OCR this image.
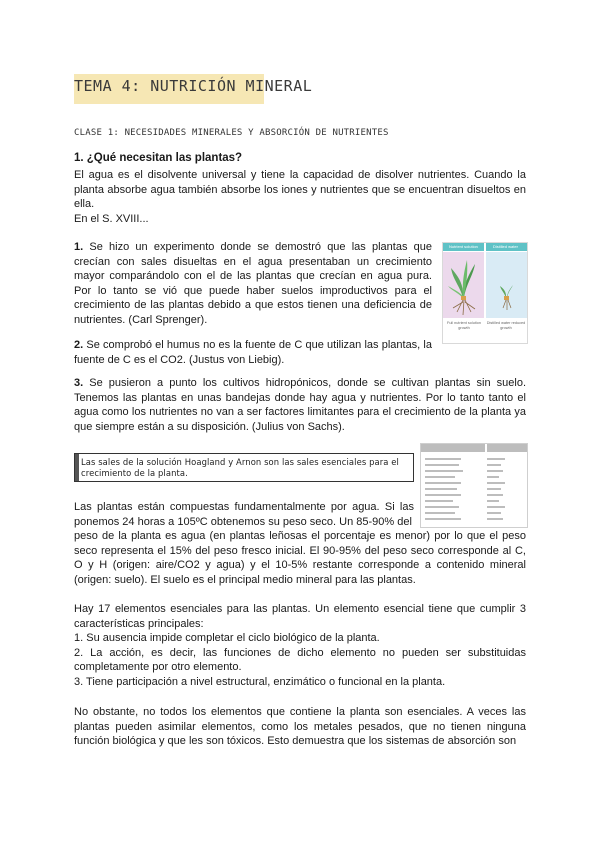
TEMA 4: NUTRICIÓN MINERAL
CLASE 1: NECESIDADES MINERALES Y ABSORCIÓN DE NUTRIENTES
1. ¿Qué necesitan las plantas?

El agua es el disolvente universal y tiene la capacidad de disolver nutrientes. Cuando la planta absorbe agua también absorbe los iones y nutrientes que se encuentran disueltos en ella.

En el S. XVIII...

1. Se hizo un experimento donde se demostró que las plantas que crecían con sales disueltas en el agua presentaban un crecimiento mayor comparándolo con el de las plantas que crecían en agua pura. Por lo tanto se vió que puede haber suelos improductivos para el crecimiento de las plantas debido a que estos tienen una deficiencia de nutrientes. (Carl Sprenger).
2. Se comprobó el humus no es la fuente de C que utilizan las plantas, la fuente de C es el CO2. (Justus von Liebig).
3. Se pusieron a punto los cultivos hidropónicos, donde se cultivan plantas sin suelo. Tenemos las plantas en unas bandejas donde hay agua y nutrientes. Por lo tanto tanto el agua como los nutrientes no van a ser factores limitantes para el crecimiento de la planta ya que siempre están a su disposición. (Julius von Sachs).
Nutrient solution	Distilled water
Full nutrient solution growth
Distilled water reduced growth
Las sales de la solución Hoagland y Arnon son las sales esenciales para el crecimiento de la planta.
Las plantas están compuestas fundamentalmente por agua. Si las ponemos 24 horas a 105ºC obtenemos su peso seco. Un 85-90% del
peso de la planta es agua (en plantas leñosas el porcentaje es menor) por lo que el peso seco representa el 15% del peso fresco inicial. El 90-95% del peso seco corresponde al C, O y H (origen: aire/CO2 y agua) y el 10-5% restante corresponde a contenido mineral (origen: suelo). El suelo es el principal medio mineral para las plantas.

Hay 17 elementos esenciales para las plantas. Un elemento esencial tiene que cumplir 3 características principales:

1. Su ausencia impide completar el ciclo biológico de la planta.

2. La acción, es decir, las funciones de dicho elemento no pueden ser substituidas completamente por otro elemento.

3. Tiene participación a nivel estructural, enzimático o funcional en la planta.

No obstante, no todos los elementos que contiene la planta son esenciales. A veces las plantas pueden asimilar elementos, como los metales pesados, que no tienen ninguna función biológica y que les son tóxicos. Esto demuestra que los sistemas de absorción son
